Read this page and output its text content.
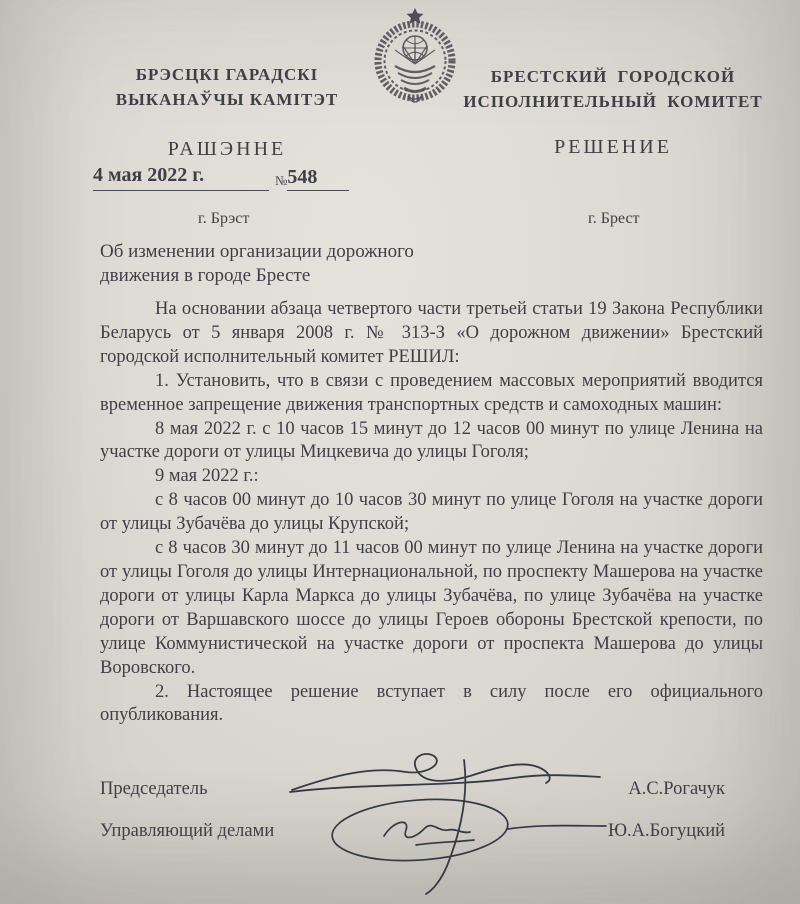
БРЭСЦКІ ГАРАДСКІ
ВЫКАНАЎЧЫ КАМІТЭТ
БРЕСТСКИЙ ГОРОДСКОЙ
ИСПОЛНИТЕЛЬНЫЙ КОМИТЕТ
РАШЭННЕ	РЕШЕНИЕ
4 мая 2022 г.	№ 548
г. Брэст	г. Брест
Об изменении организации дорожного
движения в городе Бресте

На основании абзаца четвертого части третьей статьи 19 Закона Республики Беларусь от 5 января 2008 г. № 313-З «О дорожном движении» Брестский городской исполнительный комитет РЕШИЛ:

1. Установить, что в связи с проведением массовых мероприятий вводится временное запрещение движения транспортных средств и самоходных машин:

8 мая 2022 г. с 10 часов 15 минут до 12 часов 00 минут по улице Ленина на участке дороги от улицы Мицкевича до улицы Гоголя;

9 мая 2022 г.:

с 8 часов 00 минут до 10 часов 30 минут по улице Гоголя на участке дороги от улицы Зубачёва до улицы Крупской;

с 8 часов 30 минут до 11 часов 00 минут по улице Ленина на участке дороги от улицы Гоголя до улицы Интернациональной, по проспекту Машерова на участке дороги от улицы Карла Маркса до улицы Зубачёва, по улице Зубачёва на участке дороги от Варшавского шоссе до улицы Героев обороны Брестской крепости, по улице Коммунистической на участке дороги от проспекта Машерова до улицы Воровского.

2. Настоящее решение вступает в силу после его официального опубликования.

Председатель	А.С.Рогачук
Управляющий делами	Ю.А.Богуцкий
